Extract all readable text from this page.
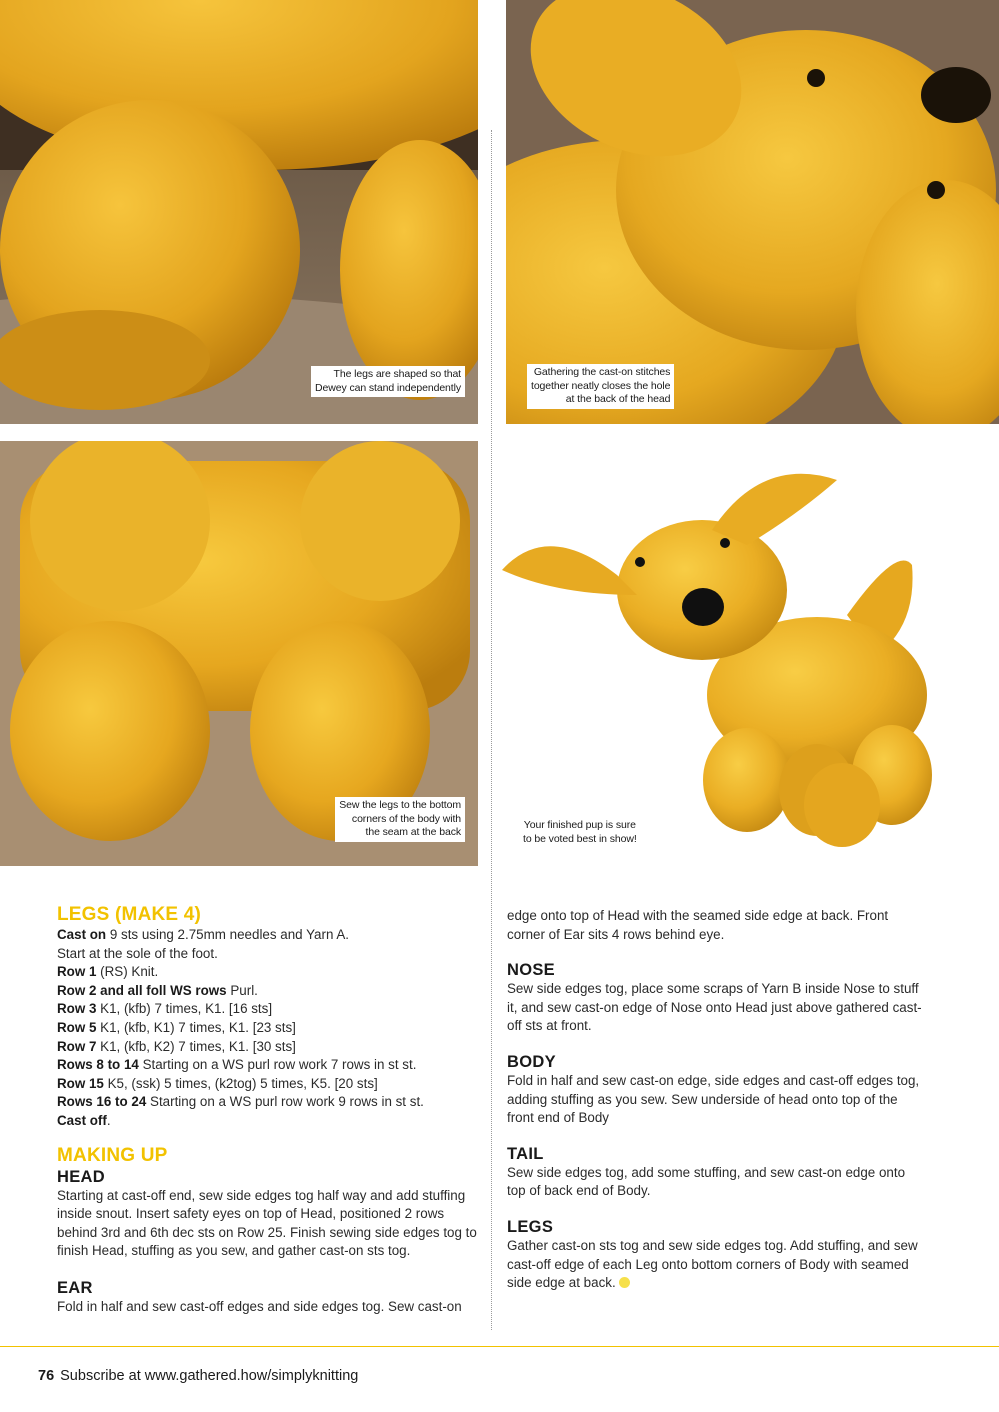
The legs are shaped so that
Dewey can stand independently
Gathering the cast-on stitches
together neatly closes the hole
at the back of the head
Sew the legs to the bottom
corners of the body with
the seam at the back
Your finished pup is sure
to be voted best in show!
LEGS (MAKE 4)

Cast on 9 sts using 2.75mm needles and Yarn A.

Start at the sole of the foot.

Row 1 (RS) Knit.

Row 2 and all foll WS rows Purl.

Row 3 K1, (kfb) 7 times, K1. [16 sts]

Row 5 K1, (kfb, K1) 7 times, K1. [23 sts]

Row 7 K1, (kfb, K2) 7 times, K1. [30 sts]

Rows 8 to 14 Starting on a WS purl row work 7 rows in st st.

Row 15 K5, (ssk) 5 times, (k2tog) 5 times, K5. [20 sts]

Rows 16 to 24 Starting on a WS purl row work 9 rows in st st.

Cast off.

MAKING UP
HEAD

Starting at cast-off end, sew side edges tog half way and add stuffing inside snout. Insert safety eyes on top of Head, positioned 2 rows behind 3rd and 6th dec sts on Row 25. Finish sewing side edges tog to finish Head, stuffing as you sew, and gather cast-on sts tog.

EAR

Fold in half and sew cast-off edges and side edges tog. Sew cast-on

edge onto top of Head with the seamed side edge at back. Front corner of Ear sits 4 rows behind eye.

NOSE

Sew side edges tog, place some scraps of Yarn B inside Nose to stuff it, and sew cast-on edge of Nose onto Head just above gathered cast-off sts at front.

BODY

Fold in half and sew cast-on edge, side edges and cast-off edges tog, adding stuffing as you sew. Sew underside of head onto top of the front end of Body

TAIL

Sew side edges tog, add some stuffing, and sew cast-on edge onto top of back end of Body.

LEGS

Gather cast-on sts tog and sew side edges tog. Add stuffing, and sew cast-off edge of each Leg onto bottom corners of Body with seamed side edge at back.

76 Subscribe at www.gathered.how/simplyknitting
